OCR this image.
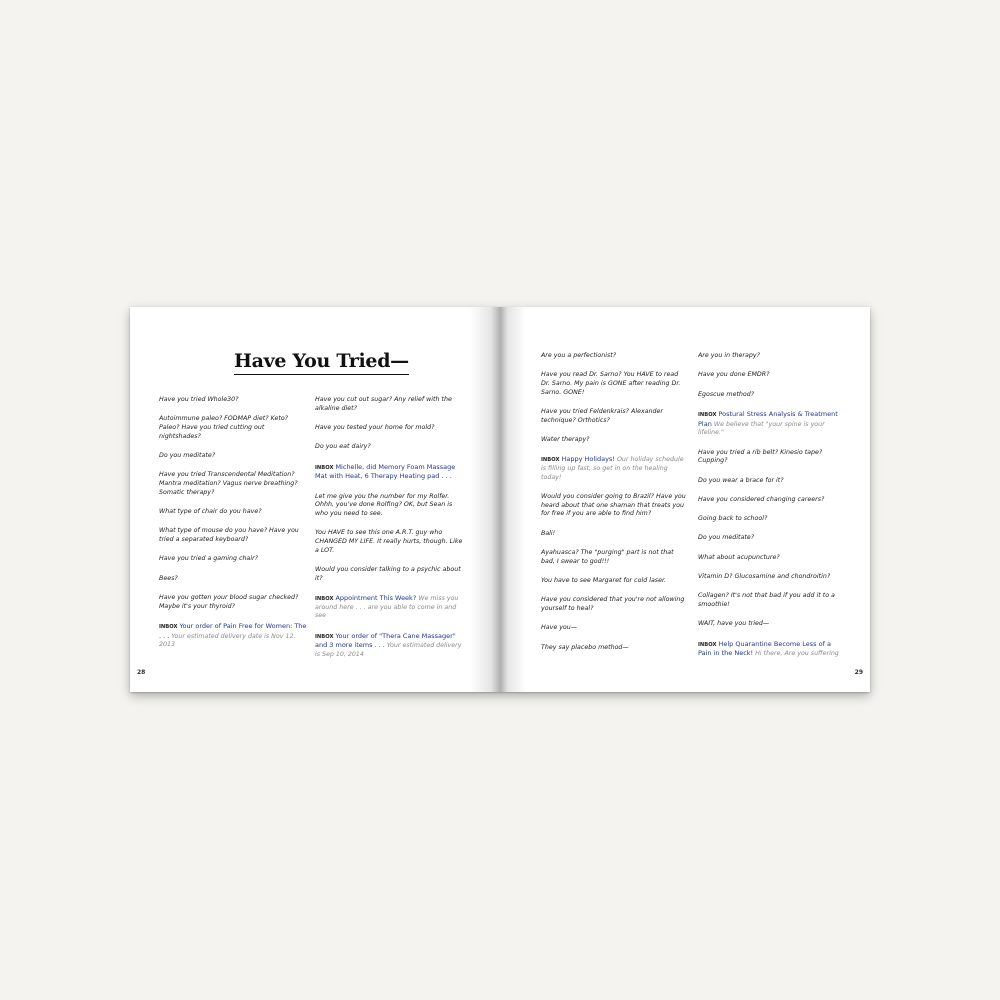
Have You Tried—

Have you tried Whole30?

Autoimmune paleo? FODMAP diet? Keto? Paleo? Have you tried cutting out nightshades?

Do you meditate?

Have you tried Transcendental Meditation? Mantra meditation? Vagus nerve breathing? Somatic therapy?

What type of chair do you have?

What type of mouse do you have? Have you tried a separated keyboard?

Have you tried a gaming chair?

Bees?

Have you gotten your blood sugar checked? Maybe it's your thyroid?

INBOX Your order of Pain Free for Women: The . . . Your estimated delivery date is Nov 12, 2013

Have you cut out sugar? Any relief with the alkaline diet?

Have you tested your home for mold?

Do you eat dairy?

INBOX Michelle, did Memory Foam Massage Mat with Heat, 6 Therapy Heating pad . . .

Let me give you the number for my Rolfer. Ohhh, you've done Rolfing? OK, but Sean is who you need to see.

You HAVE to see this one A.R.T. guy who CHANGED MY LIFE. It really hurts, though. Like a LOT.

Would you consider talking to a psychic about it?

INBOX Appointment This Week? We miss you around here . . . are you able to come in and see

INBOX Your order of "Thera Cane Massager" and 3 more items . . . Your estimated delivery is Sep 10, 2014

28

Are you a perfectionist?

Have you read Dr. Sarno? You HAVE to read Dr. Sarno. My pain is GONE after reading Dr. Sarno. GONE!

Have you tried Feldenkrais? Alexander technique? Orthotics?

Water therapy?

INBOX Happy Holidays! Our holiday schedule is filling up fast, so get in on the healing today!

Would you consider going to Brazil? Have you heard about that one shaman that treats you for free if you are able to find him?

Bali!

Ayahuasca? The "purging" part is not that bad, I swear to god!!!

You have to see Margaret for cold laser.

Have you considered that you're not allowing yourself to heal?

Have you—

They say placebo method—

Are you in therapy?

Have you done EMDR?

Egoscue method?

INBOX Postural Stress Analysis & Treatment Plan We believe that "your spine is your lifeline."

Have you tried a rib belt? Kinesio tape? Cupping?

Do you wear a brace for it?

Have you considered changing careers?

Going back to school?

Do you meditate?

What about acupuncture?

Vitamin D? Glucosamine and chondroitin?

Collagen? It's not that bad if you add it to a smoothie!

WAIT, have you tried—

INBOX Help Quarantine Become Less of a Pain in the Neck! Hi there, Are you suffering

29
